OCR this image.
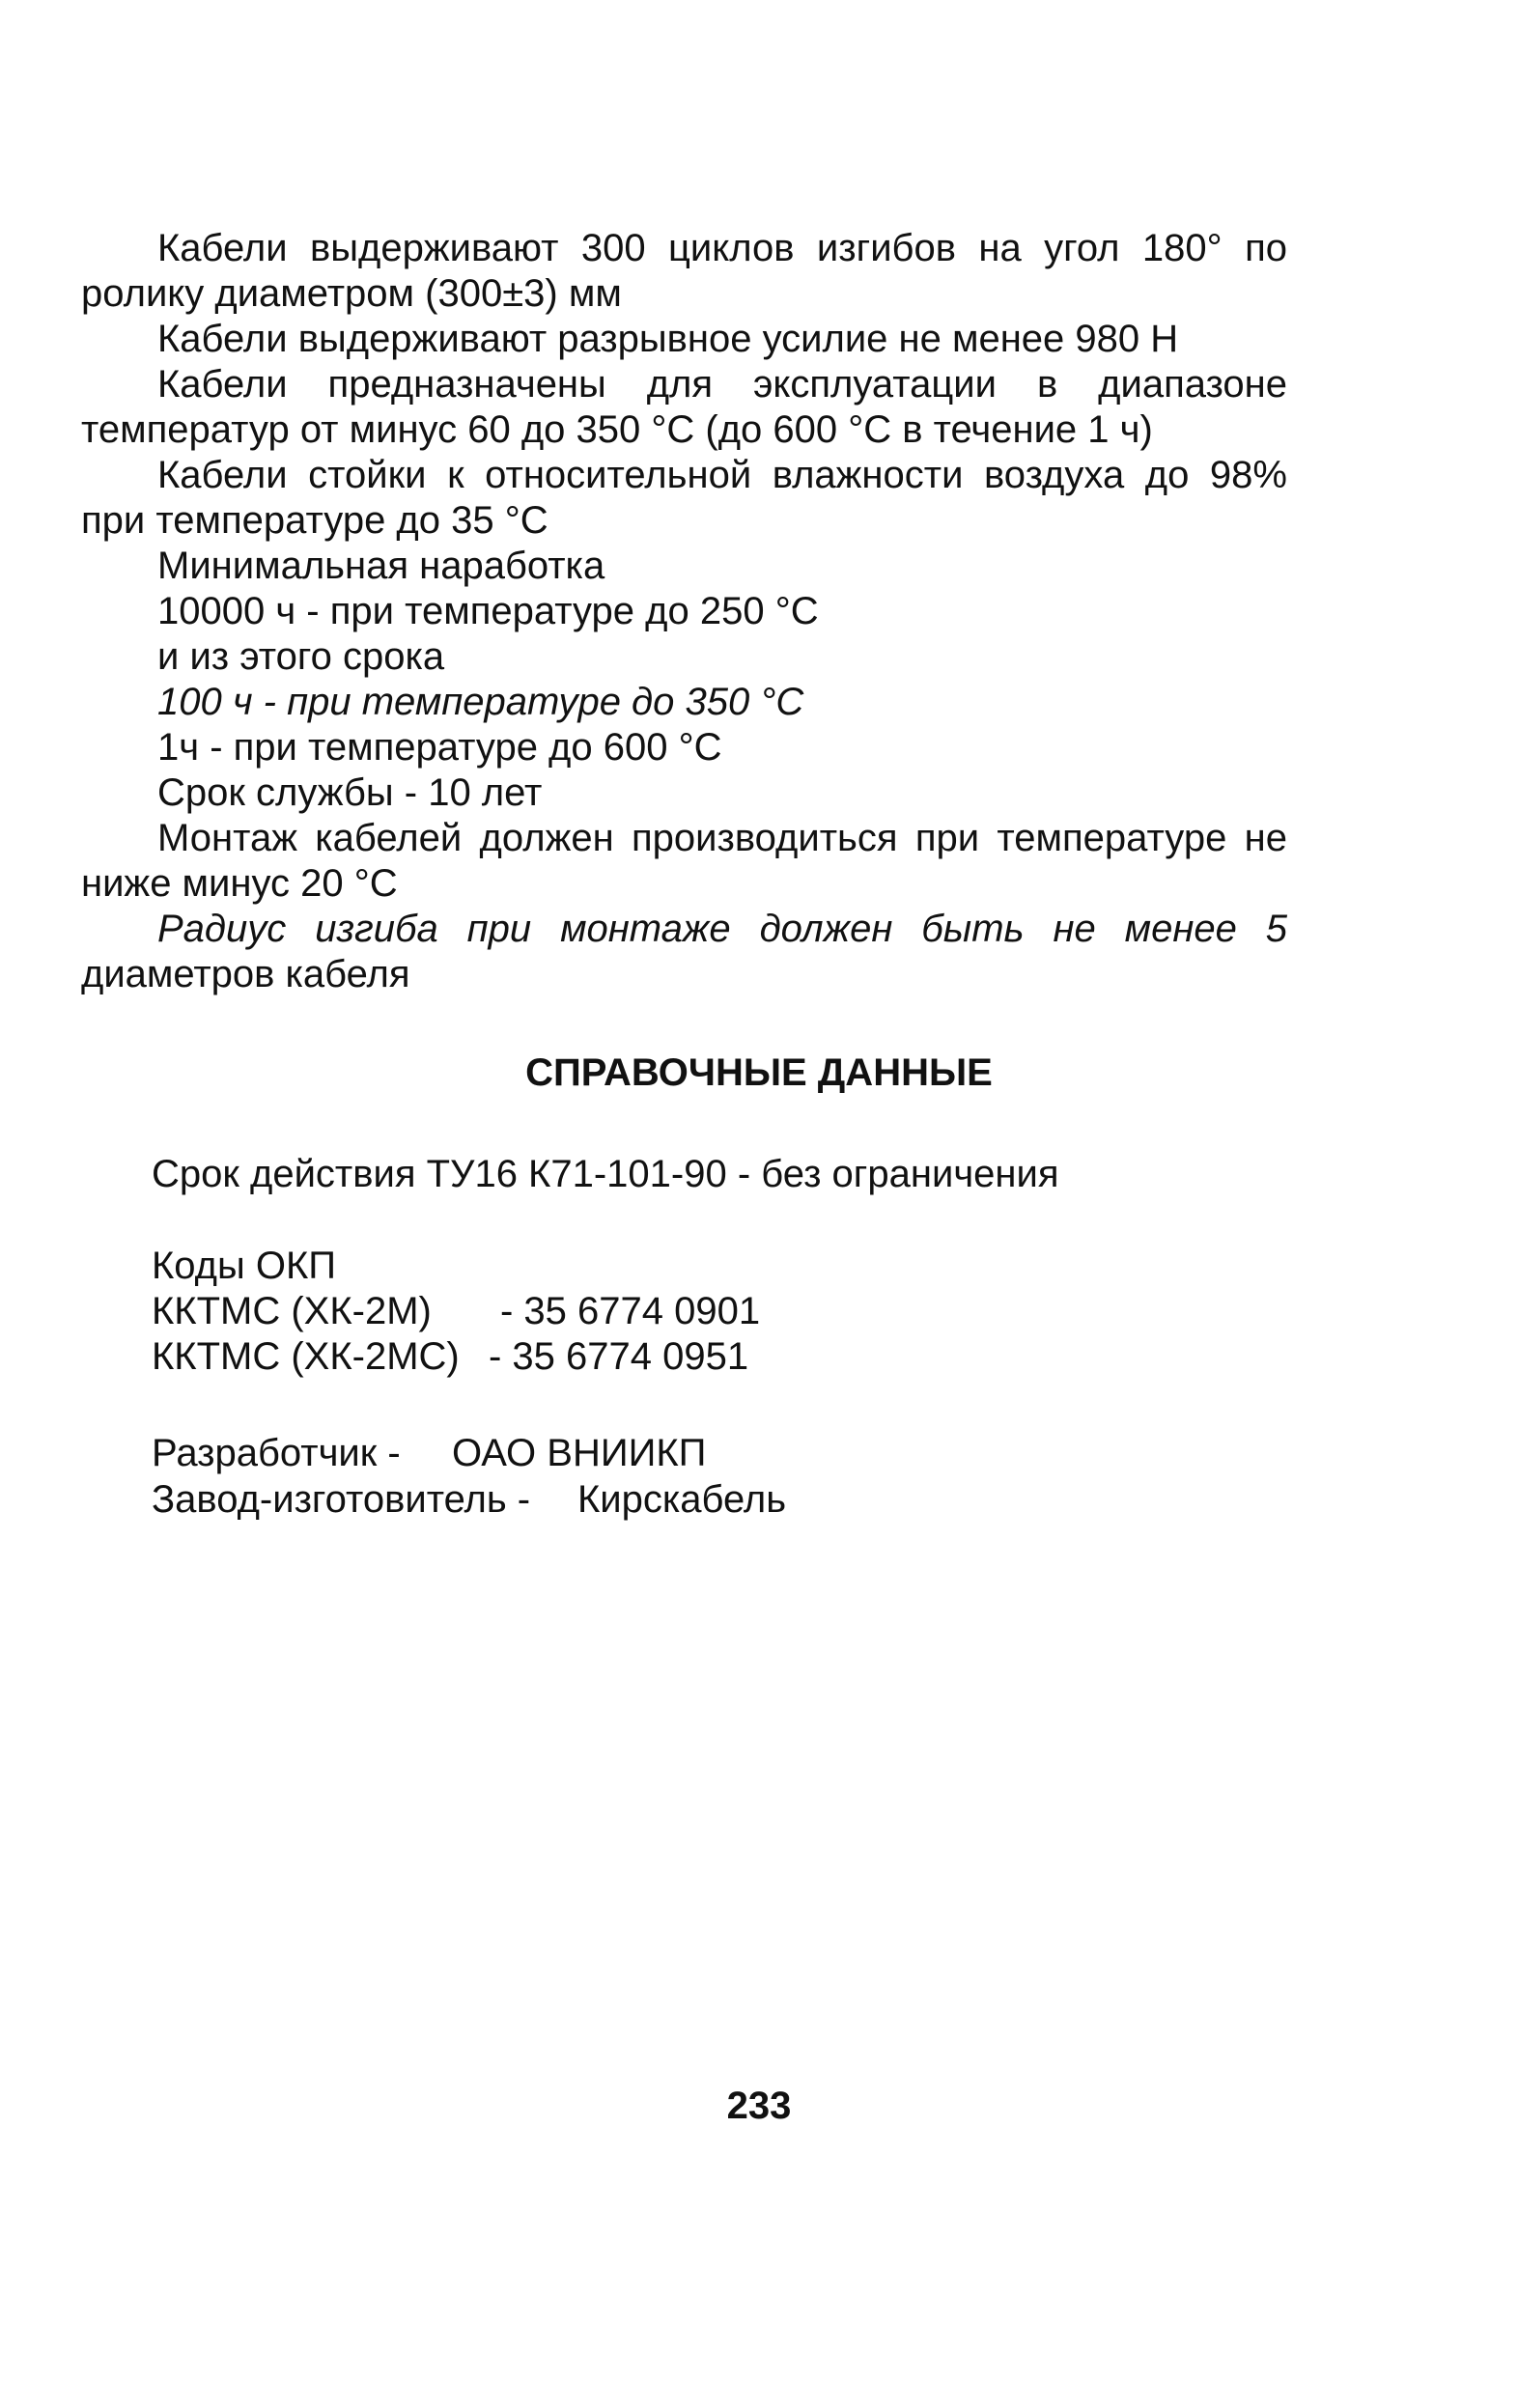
Кабели выдерживают 300 циклов изгибов на угол 180° по
ролику диаметром (300±3) мм
Кабели выдерживают разрывное усилие не менее 980 Н
Кабели предназначены для эксплуатации в диапазоне
температур от минус 60 до 350 °С (до 600 °С в течение 1 ч)
Кабели стойки к относительной влажности воздуха до 98%
при температуре до 35 °С
Минимальная наработка
10000 ч - при температуре до 250 °С
и из этого срока
100 ч - при температуре до 350 °С
1ч - при температуре до 600 °С
Срок службы - 10 лет
Монтаж кабелей должен производиться при температуре не
ниже минус 20 °С
Радиус изгиба при монтаже должен быть не менее 5
диаметров кабеля
СПРАВОЧНЫЕ ДАННЫЕ
Срок действия ТУ16 К71-101-90 - без ограничения
Коды ОКП
ККТМС (ХК-2М) - 35 6774 0901
ККТМС (ХК-2МС) - 35 6774 0951
Разработчик - ОАО ВНИИКП
Завод-изготовитель - Кирскабель
233
